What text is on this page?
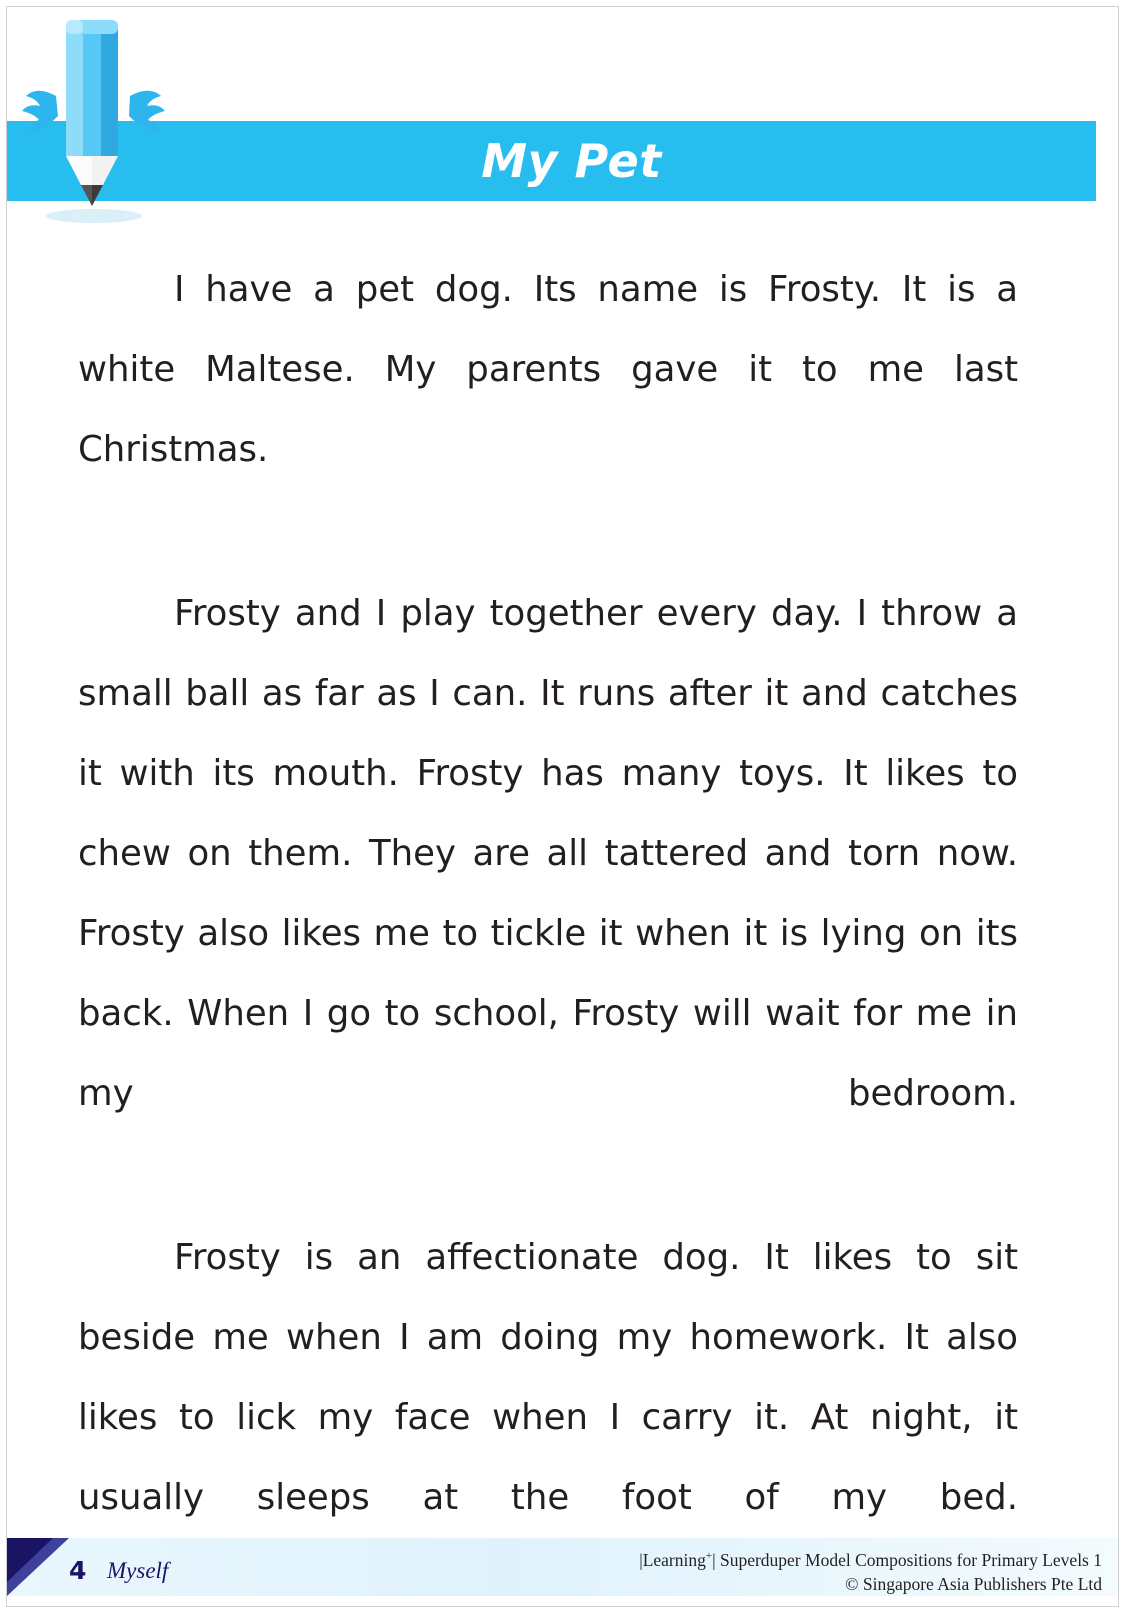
My Pet

I have a pet dog. Its name is Frosty. It is a white Maltese. My parents gave it to me last Christmas.

Frosty and I play together every day. I throw a small ball as far as I can. It runs after it and catches it with its mouth. Frosty has many toys. It likes to chew on them. They are all tattered and torn now. Frosty also likes me to tickle it when it is lying on its back. When I go to school, Frosty will wait for me in my bedroom.

Frosty is an affectionate dog. It likes to sit beside me when I am doing my homework. It also likes to lick my face when I carry it. At night, it usually sleeps at the foot of my bed.

4 Myself	|Learning+| Superduper Model Compositions for Primary Levels 1
© Singapore Asia Publishers Pte Ltd
